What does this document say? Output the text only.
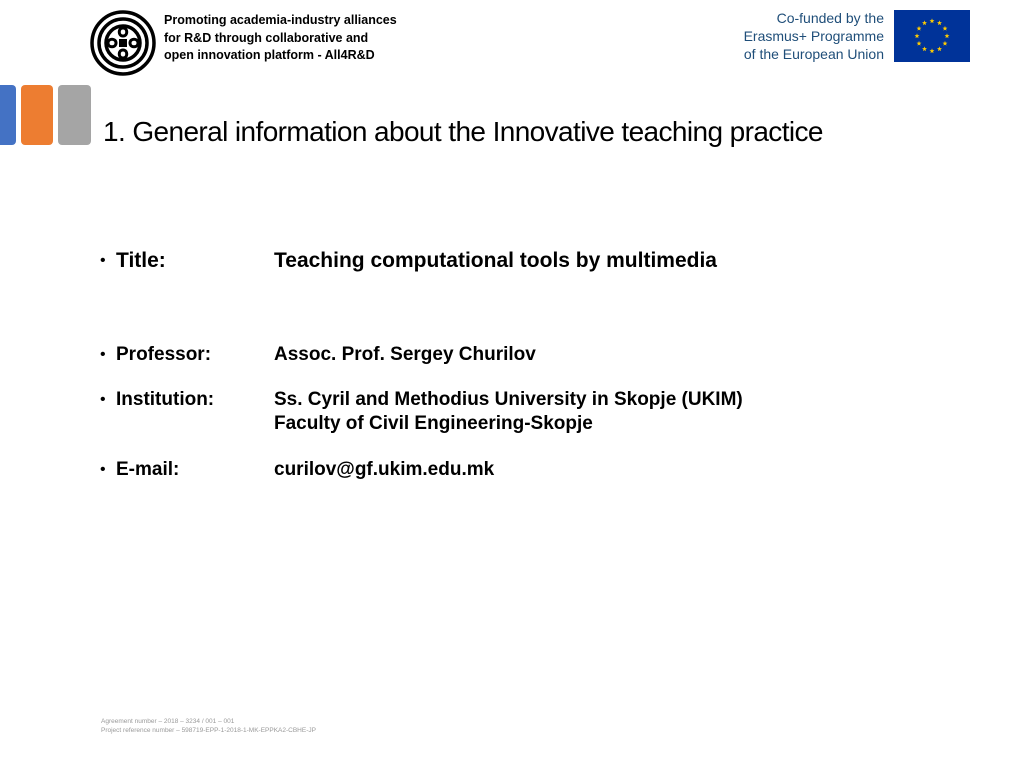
Promoting academia-industry alliances
for R&D through collaborative and
open innovation platform - All4R&D
Co-funded by the
Erasmus+ Programme
of the European Union
1. General information about the Innovative teaching practice
• Title:	Teaching computational tools by multimedia
• Professor:	Assoc. Prof. Sergey Churilov
• Institution:	Ss. Cyril and Methodius University in Skopje (UKIM)
Faculty of Civil Engineering-Skopje
• E-mail:	curilov@gf.ukim.edu.mk
Agreement number – 2018 – 3234 / 001 – 001
Project reference number – 598719-EPP-1-2018-1-MK-EPPKA2-CBHE-JP
